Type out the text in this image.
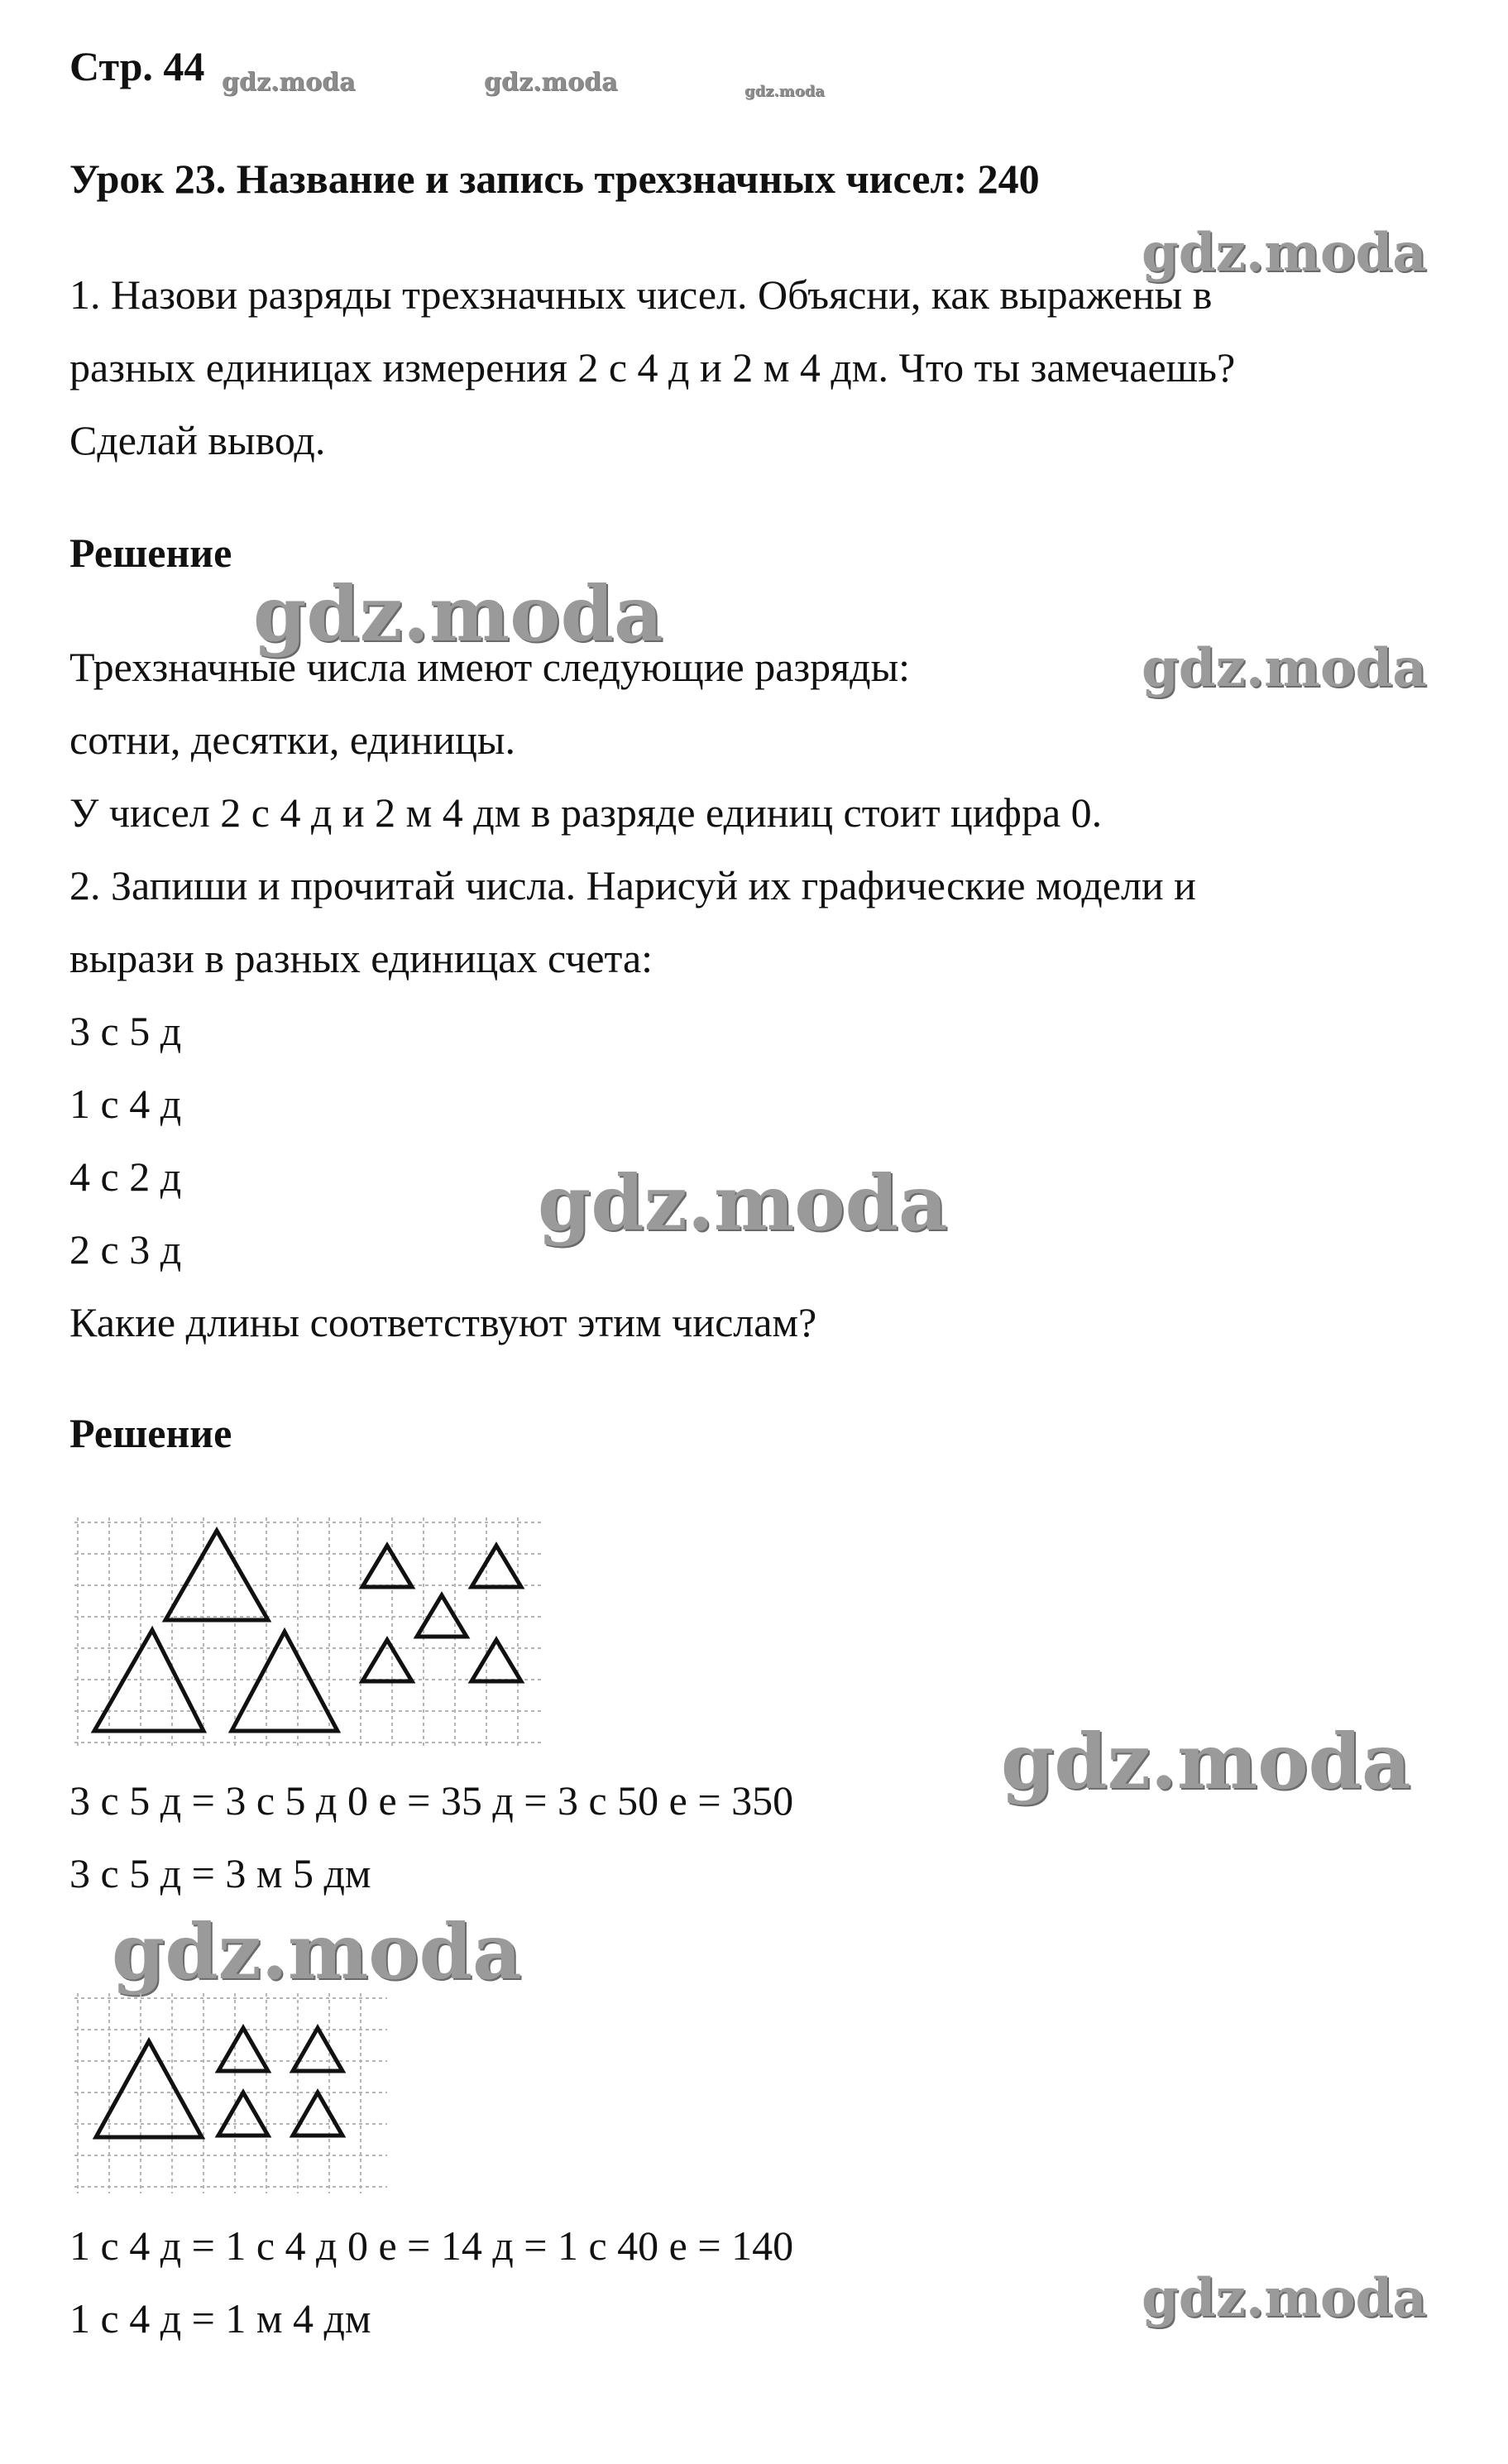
gdz.moda	gdz.moda	gdz.moda
gdz.moda
gdz.moda
gdz.moda
gdz.moda
gdz.moda
gdz.moda
gdz.moda
Стр. 44
Урок 23. Название и запись трехзначных чисел: 240
1. Назови разряды трехзначных чисел. Объясни, как выражены в
разных единицах измерения 2 с 4 д и 2 м 4 дм. Что ты замечаешь?
Сделай вывод.
Решение
Трехзначные числа имеют следующие разряды:
сотни, десятки, единицы.
У чисел 2 с 4 д и 2 м 4 дм в разряде единиц стоит цифра 0.
2. Запиши и прочитай числа. Нарисуй их графические модели и
вырази в разных единицах счета:
3 с 5 д
1 с 4 д
4 с 2 д
2 с 3 д
Какие длины соответствуют этим числам?
Решение
3 с 5 д = 3 с 5 д 0 е = 35 д = 3 с 50 е = 350
3 с 5 д = 3 м 5 дм
1 с 4 д = 1 с 4 д 0 е = 14 д = 1 с 40 е = 140
1 с 4 д = 1 м 4 дм
